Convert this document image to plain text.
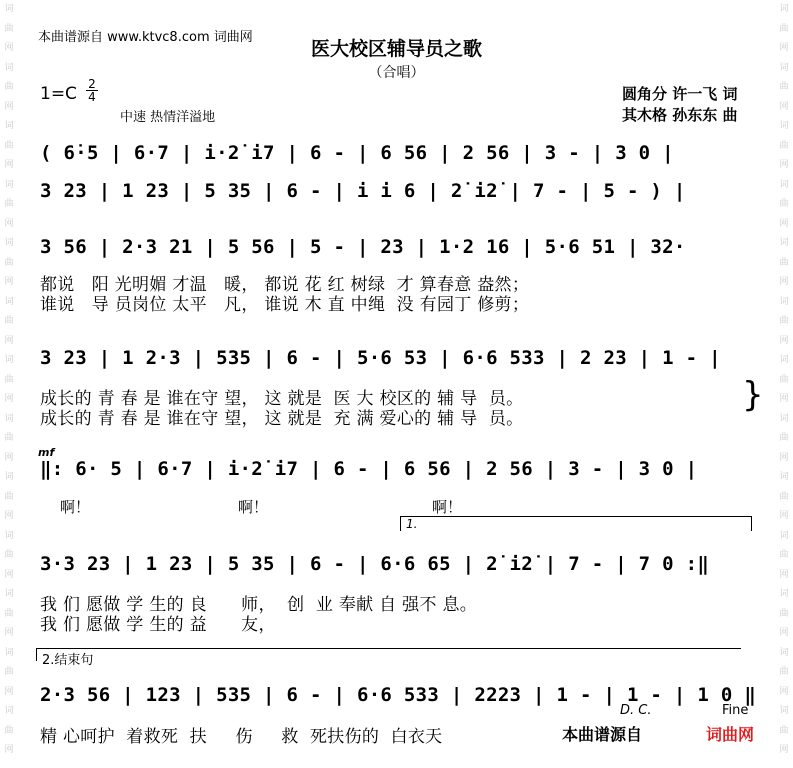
词
曲
网
词
曲
网
词
曲
网
词
曲
网
词
曲
网
词
曲
网
词
曲
网
词
曲
网
词
曲
网
词
曲
网
词
曲
网
词
曲
网
词
曲
网
词
曲
网
词
曲
网
词
曲
网
词
曲
网
词
曲
网
词
曲
网
词
曲
网
词
曲
网
词
曲
网
词
曲
网
词
曲
网
词
曲
网
词
曲
网
本曲谱源自 www.ktvc8.com 词曲网
医大校区辅导员之歌
（合唱）
1=C 2
4
中速 热情洋溢地
圆角分 许一飞 词
其木格 孙东东 曲
( 6̇·5 | 6·7 | i·2̇ i7 | 6 - | 6 56 | 2 56 | 3 - | 3 0 |
3 23 | 1 23 | 5 35 | 6 - | i i 6 | 2̇ i2̇ | 7 - | 5 - ) |
3 56 | 2·3 21 | 5 56 | 5 - | 23 | 1·2 16 | 5·6 51 | 32·
都说   阳 光明媚 才温   暖， 都说 花 红 树绿  才 算春意 盎然；
谁说   导 员岗位 太平   凡， 谁说 木 直 中绳  没 有园丁 修剪；
3 23 | 1 2·3 | 535 | 6 - | 5·6 53 | 6·6 533 | 2 23 | 1 - |
成长的 青 春 是 谁在守 望， 这 就是  医 大 校区的 辅 导  员。
成长的 青 春 是 谁在守 望， 这 就是  充 满 爱心的 辅 导  员。
}
mf
‖: 6· 5 | 6·7 | i·2̇ i7 | 6 - | 6 56 | 2 56 | 3 - | 3 0 |
啊！	啊！	啊！
1.
3·3 23 | 1 23 | 5 35 | 6 - | 6·6 65 | 2̇ i2̇ | 7 - | 7 0 :‖
我 们 愿做 学 生的 良      师，  创  业 奉献 自 强不 息。
我 们 愿做 学 生的 益      友，
2.结束句
2·3 56 | 123 | 535 | 6 - | 6·6 533 | 2223 | 1 - | 1 - | 1 0 ‖
D. C.	Fine
精 心呵护  着救死  扶     伤     救  死扶伤的  白衣天	本曲谱源自	词曲网
